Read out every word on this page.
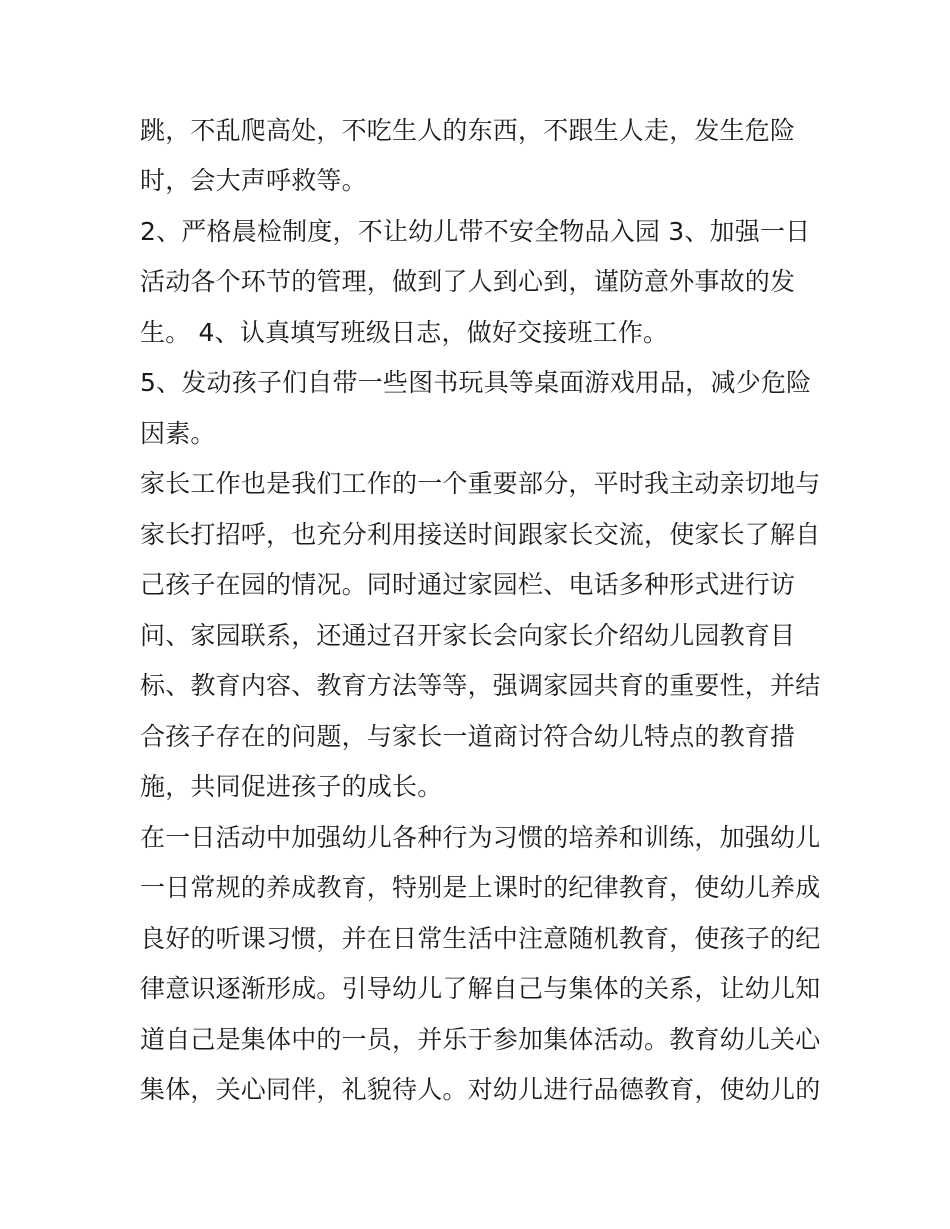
跳，不乱爬高处，不吃生人的东西，不跟生人走，发生危险
时，会大声呼救等。
2、严格晨检制度，不让幼儿带不安全物品入园 3、加强一日
活动各个环节的管理，做到了人到心到，谨防意外事故的发
生。 4、认真填写班级日志，做好交接班工作。
5、发动孩子们自带一些图书玩具等桌面游戏用品，减少危险
因素。
家长工作也是我们工作的一个重要部分，平时我主动亲切地与
家长打招呼，也充分利用接送时间跟家长交流，使家长了解自
己孩子在园的情况。同时通过家园栏、电话多种形式进行访
问、家园联系，还通过召开家长会向家长介绍幼儿园教育目
标、教育内容、教育方法等等，强调家园共育的重要性，并结
合孩子存在的问题，与家长一道商讨符合幼儿特点的教育措
施，共同促进孩子的成长。
在一日活动中加强幼儿各种行为习惯的培养和训练，加强幼儿
一日常规的养成教育，特别是上课时的纪律教育，使幼儿养成
良好的听课习惯，并在日常生活中注意随机教育，使孩子的纪
律意识逐渐形成。引导幼儿了解自己与集体的关系，让幼儿知
道自己是集体中的一员，并乐于参加集体活动。教育幼儿关心
集体，关心同伴，礼貌待人。对幼儿进行品德教育，使幼儿的
